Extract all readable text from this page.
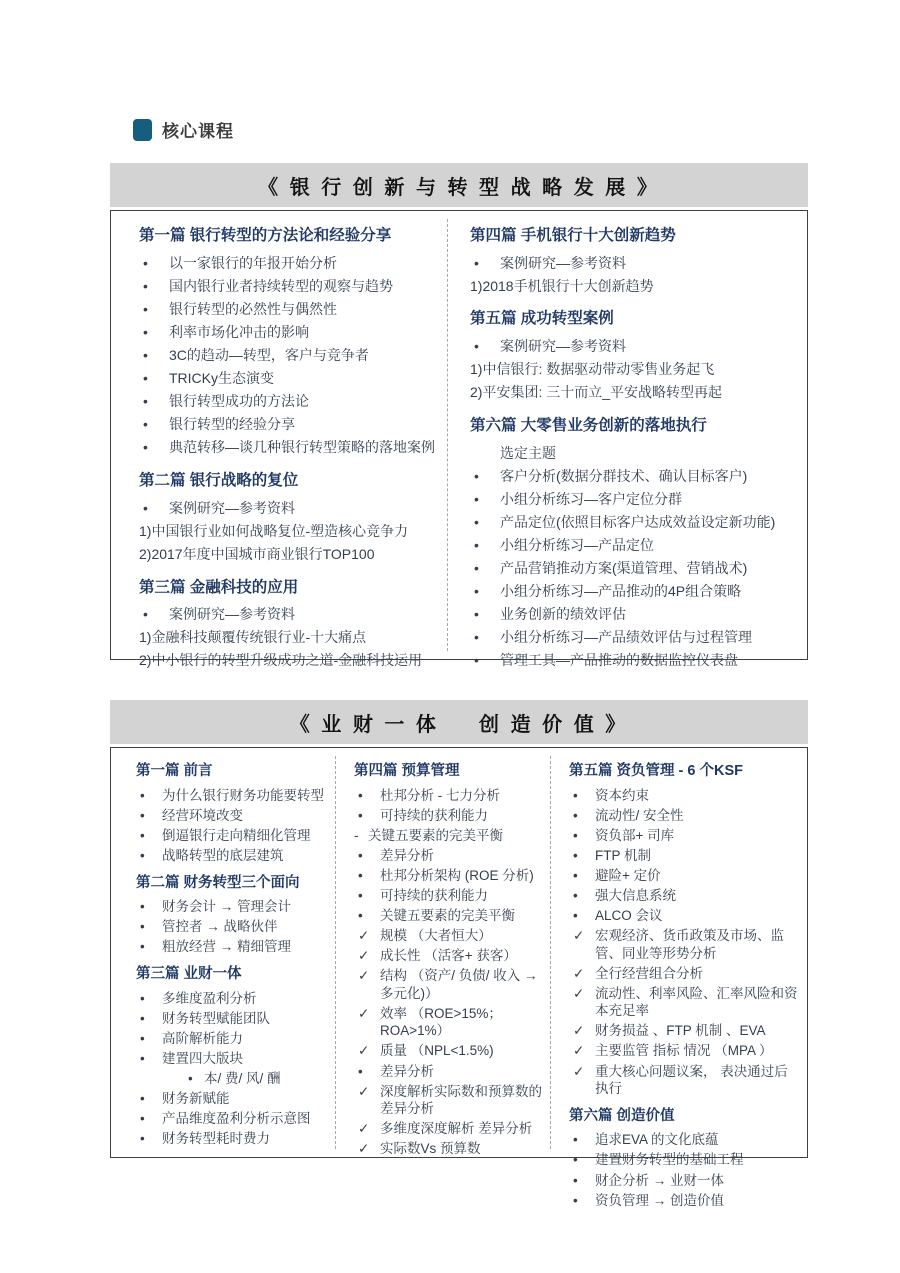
核心课程
《 银 行 创 新 与 转 型 战 略 发 展 》
第一篇 银行转型的方法论和经验分享
•	以一家银行的年报开始分析
•	国内银行业者持续转型的观察与趋势
•	银行转型的必然性与偶然性
•	利率市场化冲击的影响
•	3C的趋动—转型，客户与竞争者
•	TRICKy生态演变
•	银行转型成功的方法论
•	银行转型的经验分享
•	典范转移—谈几种银行转型策略的落地案例
第二篇 银行战略的复位
•	案例研究—参考资料
1)中国银行业如何战略复位-塑造核心竞争力
2)2017年度中国城市商业银行TOP100
第三篇 金融科技的应用
•	案例研究—参考资料
1)金融科技颠覆传统银行业-十大痛点
2)中小银行的转型升级成功之道-金融科技运用
第四篇 手机银行十大创新趋势
•	案例研究—参考资料
1)2018手机银行十大创新趋势
第五篇 成功转型案例
•	案例研究—参考资料
1)中信银行: 数据驱动带动零售业务起飞
2)平安集团: 三十而立_平安战略转型再起
第六篇 大零售业务创新的落地执行
选定主题
•	客户分析(数据分群技术、确认目标客户)
•	小组分析练习—客户定位分群
•	产品定位(依照目标客户达成效益设定新功能)
•	小组分析练习—产品定位
•	产品营销推动方案(渠道管理、营销战术)
•	小组分析练习—产品推动的4P组合策略
•	业务创新的绩效评估
•	小组分析练习—产品绩效评估与过程管理
•	管理工具—产品推动的数据监控仪表盘
《 业 财 一 体 　 创 造 价 值 》
第一篇 前言
•	为什么银行财务功能要转型
•	经营环境改变
•	倒逼银行走向精细化管理
•	战略转型的底层建筑
第二篇 财务转型三个面向
•	财务会计 → 管理会计
•	管控者 → 战略伙伴
•	粗放经营 → 精细管理
第三篇 业财一体
•	多维度盈利分析
•	财务转型赋能团队
•	高阶解析能力
•	建置四大版块
• 本/ 费/ 风/ 酬
•	财务新赋能
•	产品维度盈利分析示意图
•	财务转型耗时费力
第四篇 预算管理
•	杜邦分析 - 七力分析
•	可持续的获利能力
- 关键五要素的完美平衡
•	差异分析
•	杜邦分析架构 (ROE 分析)
•	可持续的获利能力
•	关键五要素的完美平衡
✓ 规模 （大者恒大）
✓ 成长性 （活客+ 获客）
✓ 结构 （资产/ 负债/ 收入 → 多元化)）
✓ 效率 （ROE>15%； ROA>1%）
✓ 质量 （NPL<1.5%)
•	差异分析
✓ 深度解析实际数和预算数的差异分析
✓ 多维度深度解析 差异分析
✓ 实际数Vs 预算数
第五篇 资负管理 - 6 个KSF
•	资本约束
•	流动性/ 安全性
•	资负部+ 司库
•	FTP 机制
•	避险+ 定价
•	强大信息系统
•	ALCO 会议
✓ 宏观经济、货币政策及市场、监管、同业等形势分析
✓ 全行经营组合分析
✓ 流动性、利率风险、汇率风险和资本充足率
✓ 财务损益 、FTP 机制 、EVA
✓ 主要监管 指标 情况 （MPA ）
✓ 重大核心问题议案， 表决通过后执行
第六篇 创造价值
•	追求EVA 的文化底蕴
•	建置财务转型的基础工程
•	财企分析 → 业财一体
•	资负管理 → 创造价值
